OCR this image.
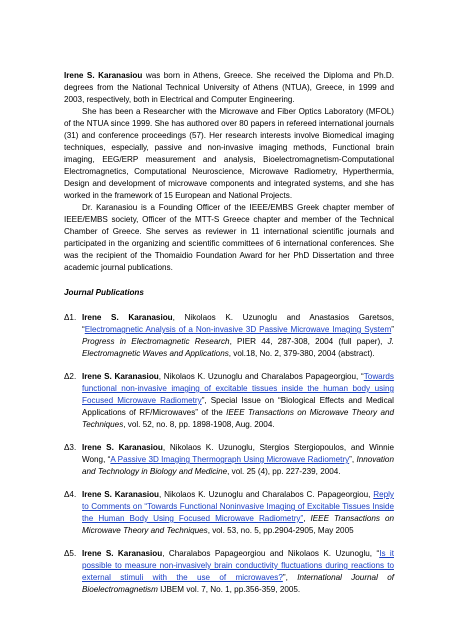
Irene S. Karanasiou was born in Athens, Greece. She received the Diploma and Ph.D. degrees from the National Technical University of Athens (NTUA), Greece, in 1999 and 2003, respectively, both in Electrical and Computer Engineering.

She has been a Researcher with the Microwave and Fiber Optics Laboratory (MFOL) of the NTUA since 1999. She has authored over 80 papers in refereed international journals (31) and conference proceedings (57). Her research interests involve Biomedical imaging techniques, especially, passive and non-invasive imaging methods, Functional brain imaging, EEG/ERP measurement and analysis, Bioelectromagnetism-Computational Electromagnetics, Computational Neuroscience, Microwave Radiometry, Hyperthermia, Design and development of microwave components and integrated systems, and she has worked in the framework of 15 European and National Projects.

Dr. Karanasiou is a Founding Officer of the IEEE/EMBS Greek chapter member of IEEE/EMBS society, Officer of the MTT-S Greece chapter and member of the Technical Chamber of Greece. She serves as reviewer in 11 international scientific journals and participated in the organizing and scientific committees of 6 international conferences. She was the recipient of the Thomaidio Foundation Award for her PhD Dissertation and three academic journal publications.

Journal Publications

Δ1. Irene S. Karanasiou, Nikolaos K. Uzunoglu and Anastasios Garetsos, “Electromagnetic Analysis of a Non-invasive 3D Passive Microwave Imaging System” Progress in Electromagnetic Research, PIER 44, 287-308, 2004 (full paper), J. Electromagnetic Waves and Applications, vol.18, No. 2, 379-380, 2004 (abstract).
Δ2. Irene S. Karanasiou, Nikolaos K. Uzunoglu and Charalabos Papageorgiou, “Towards functional non-invasive imaging of excitable tissues inside the human body using Focused Microwave Radiometry”, Special Issue on “Biological Effects and Medical Applications of RF/Microwaves” of the IEEE Transactions on Microwave Theory and Techniques, vol. 52, no. 8, pp. 1898-1908, Aug. 2004.
Δ3. Irene S. Karanasiou, Nikolaos K. Uzunoglu, Stergios Stergiopoulos, and Winnie Wong, “A Passive 3D Imaging Thermograph Using Microwave Radiometry”, Innovation and Technology in Biology and Medicine, vol. 25 (4), pp. 227-239, 2004.
Δ4. Irene S. Karanasiou, Nikolaos K. Uzunoglu and Charalabos C. Papageorgiou, Reply to Comments on “Towards Functional Noninvasive Imaging of Excitable Tissues Inside the Human Body Using Focused Microwave Radiometry”, IEEE Transactions on Microwave Theory and Techniques, vol. 53, no. 5, pp.2904-2905, May 2005
Δ5. Irene S. Karanasiou, Charalabos Papageorgiou and Nikolaos K. Uzunoglu, “Is it possible to measure non-invasively brain conductivity fluctuations during reactions to external stimuli with the use of microwaves?”, International Journal of Bioelectromagnetism IJBEM vol. 7, No. 1, pp.356-359, 2005.
